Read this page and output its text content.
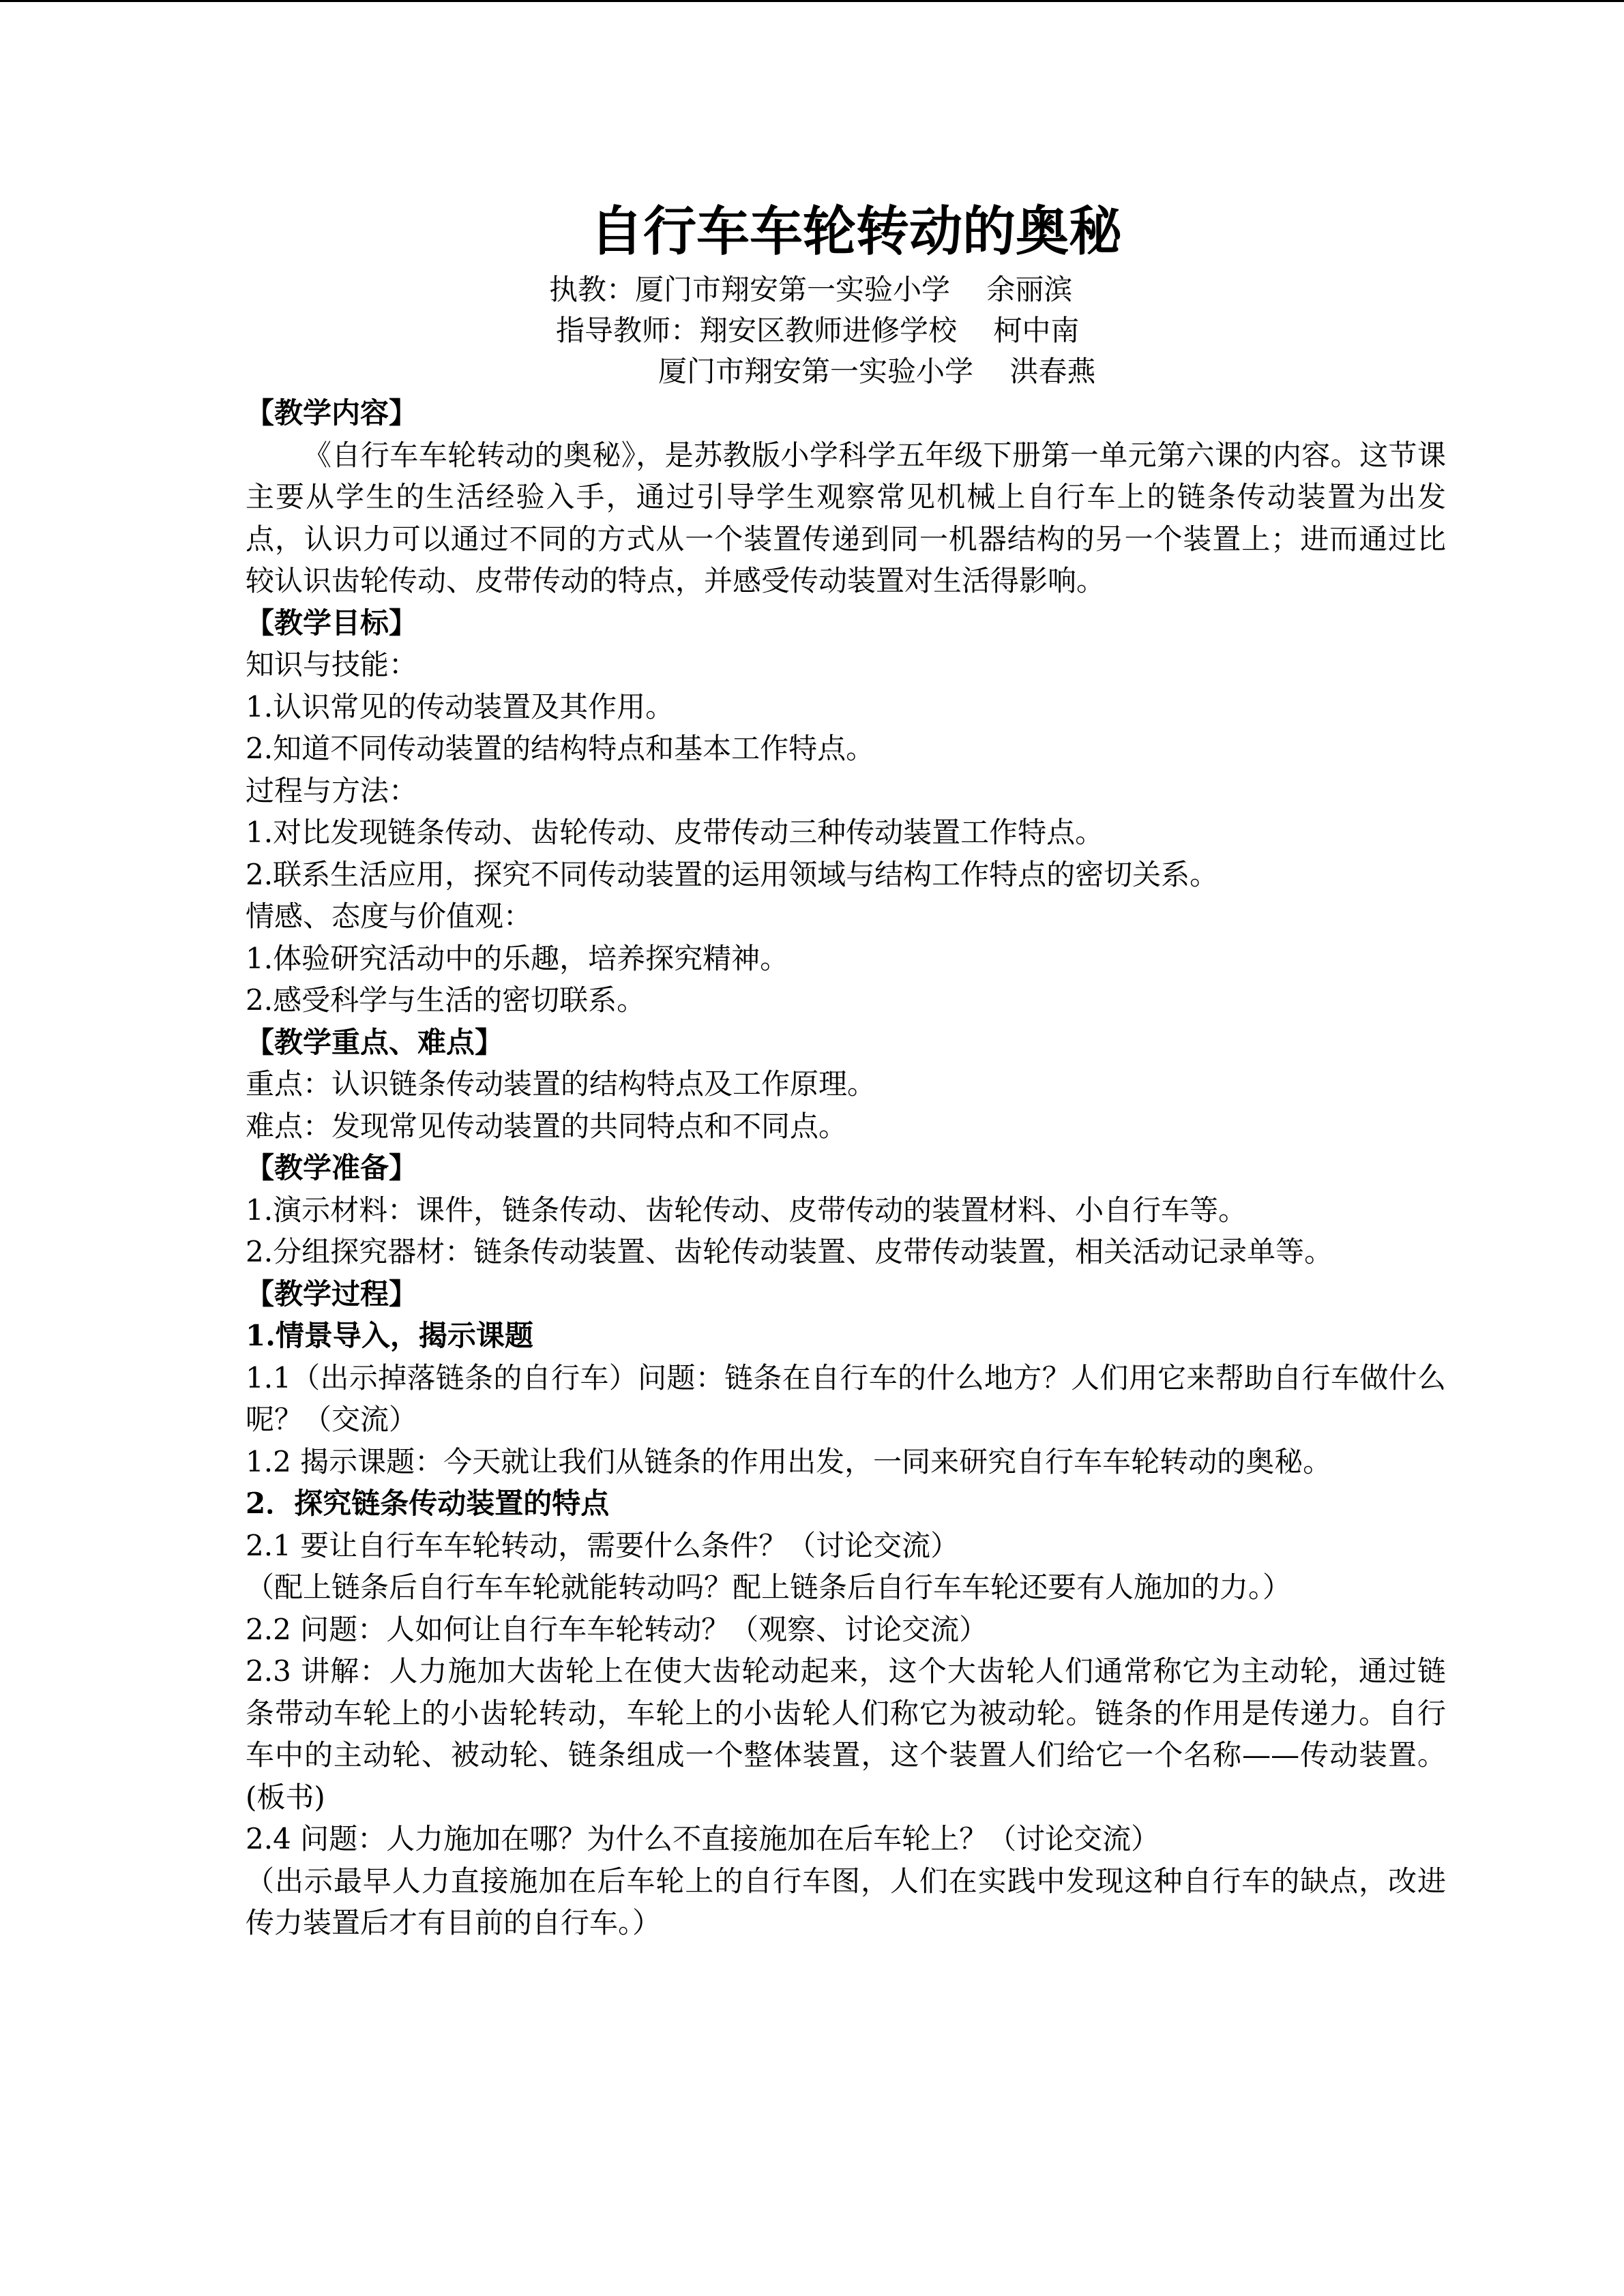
自行车车轮转动的奥秘
执教：厦门市翔安第一实验小学    余丽滨
指导教师：翔安区教师进修学校    柯中南
厦门市翔安第一实验小学    洪春燕
【教学内容】

《自行车车轮转动的奥秘》，是苏教版小学科学五年级下册第一单元第六课的内容。这节课主要从学生的生活经验入手，通过引导学生观察常见机械上自行车上的链条传动装置为出发点，认识力可以通过不同的方式从一个装置传递到同一机器结构的另一个装置上；进而通过比较认识齿轮传动、皮带传动的特点，并感受传动装置对生活得影响。

【教学目标】
知识与技能：
1.认识常见的传动装置及其作用。
2.知道不同传动装置的结构特点和基本工作特点。
过程与方法：
1.对比发现链条传动、齿轮传动、皮带传动三种传动装置工作特点。
2.联系生活应用，探究不同传动装置的运用领域与结构工作特点的密切关系。
情感、态度与价值观：
1.体验研究活动中的乐趣，培养探究精神。
2.感受科学与生活的密切联系。
【教学重点、难点】
重点：认识链条传动装置的结构特点及工作原理。
难点：发现常见传动装置的共同特点和不同点。
【教学准备】

1.演示材料：课件，链条传动、齿轮传动、皮带传动的装置材料、小自行车等。

2.分组探究器材：链条传动装置、齿轮传动装置、皮带传动装置，相关活动记录单等。

【教学过程】
1.情景导入，揭示课题

1.1（出示掉落链条的自行车）问题：链条在自行车的什么地方？人们用它来帮助自行车做什么呢？（交流）

1.2 揭示课题：今天就让我们从链条的作用出发，一同来研究自行车车轮转动的奥秘。

2．探究链条传动装置的特点

2.1 要让自行车车轮转动，需要什么条件？（讨论交流）

（配上链条后自行车车轮就能转动吗？配上链条后自行车车轮还要有人施加的力。）

2.2 问题：人如何让自行车车轮转动？（观察、讨论交流）

2.3 讲解：人力施加大齿轮上在使大齿轮动起来，这个大齿轮人们通常称它为主动轮，通过链条带动车轮上的小齿轮转动，车轮上的小齿轮人们称它为被动轮。链条的作用是传递力。自行车中的主动轮、被动轮、链条组成一个整体装置，这个装置人们给它一个名称——传动装置。(板书)

2.4 问题：人力施加在哪？为什么不直接施加在后车轮上？（讨论交流）

（出示最早人力直接施加在后车轮上的自行车图，人们在实践中发现这种自行车的缺点，改进传力装置后才有目前的自行车。）
